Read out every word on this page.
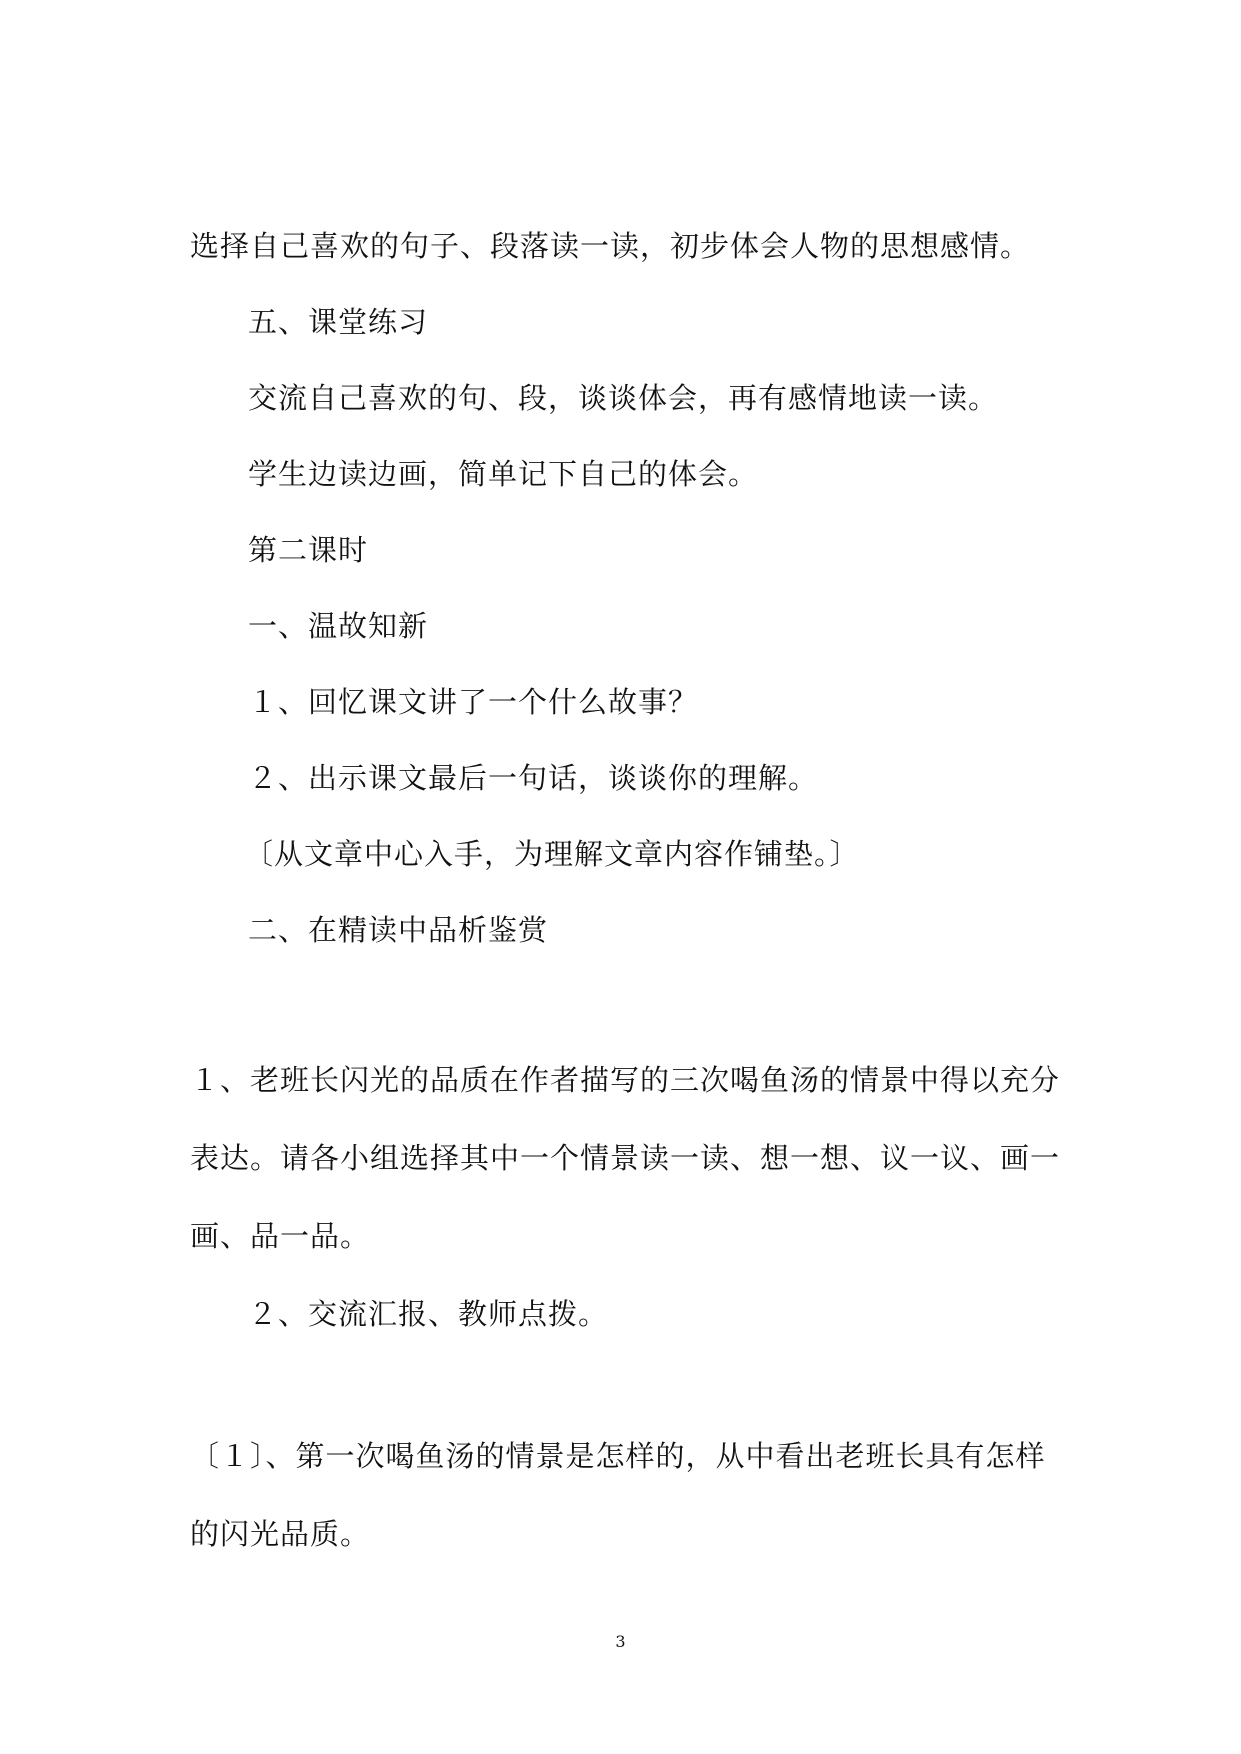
选择自己喜欢的句子、段落读一读，初步体会人物的思想感情。
五、课堂练习
交流自己喜欢的句、段，谈谈体会，再有感情地读一读。
学生边读边画，简单记下自己的体会。
第二课时
一、温故知新
１、回忆课文讲了一个什么故事？
２、出示课文最后一句话，谈谈你的理解。
〔从文章中心入手，为理解文章内容作铺垫。〕
二、在精读中品析鉴赏
１、老班长闪光的品质在作者描写的三次喝鱼汤的情景中得以充分
表达。请各小组选择其中一个情景读一读、想一想、议一议、画一
画、品一品。
２、交流汇报、教师点拨。
〔１〕、第一次喝鱼汤的情景是怎样的，从中看出老班长具有怎样
的闪光品质。
3
